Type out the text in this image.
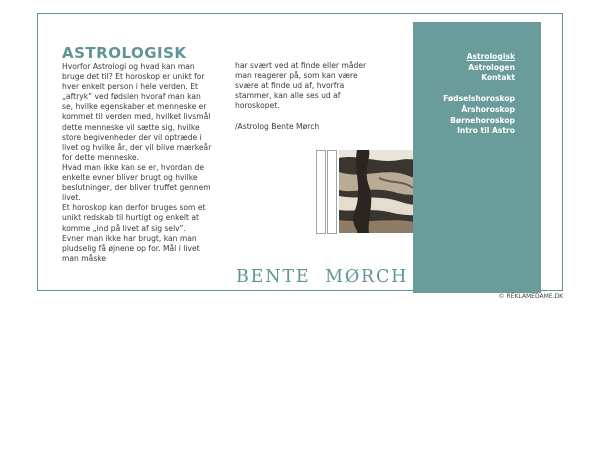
ASTROLOGISK
Hvorfor Astrologi og hvad kan man
bruge det til? Et horoskop er unikt for
hver enkelt person i hele verden. Et
„aftryk” ved fødslen hvoraf man kan
se, hvilke egenskaber et menneske er
kommet til verden med, hvilket livsmål
dette menneske vil sætte sig, hvilke
store begivenheder der vil optræde i
livet og hvilke år, der vil blive mærkeår
for dette menneske.
Hvad man ikke kan se er, hvordan de
enkelte evner bliver brugt og hvilke
beslutninger, der bliver truffet gennem
livet.
Et horoskop kan derfor bruges som et
unikt redskab til hurtigt og enkelt at
komme „ind på livet af sig selv”.
Evner man ikke har brugt, kan man
pludselig få øjnene op for. Mål i livet
man måske
har svært ved at finde eller måder
man reagerer på, som kan være
svære at finde ud af, hvorfra
stammer, kan alle ses ud af
horoskopet.
/Astrolog Bente Mørch
BENTE  MØRCH
Astrologisk
Astrologen
Kontakt
Fødselshoroskop
Årshoroskop
Børnehoroskop
Intro til Astro
© REKLAMEDAME.DK
